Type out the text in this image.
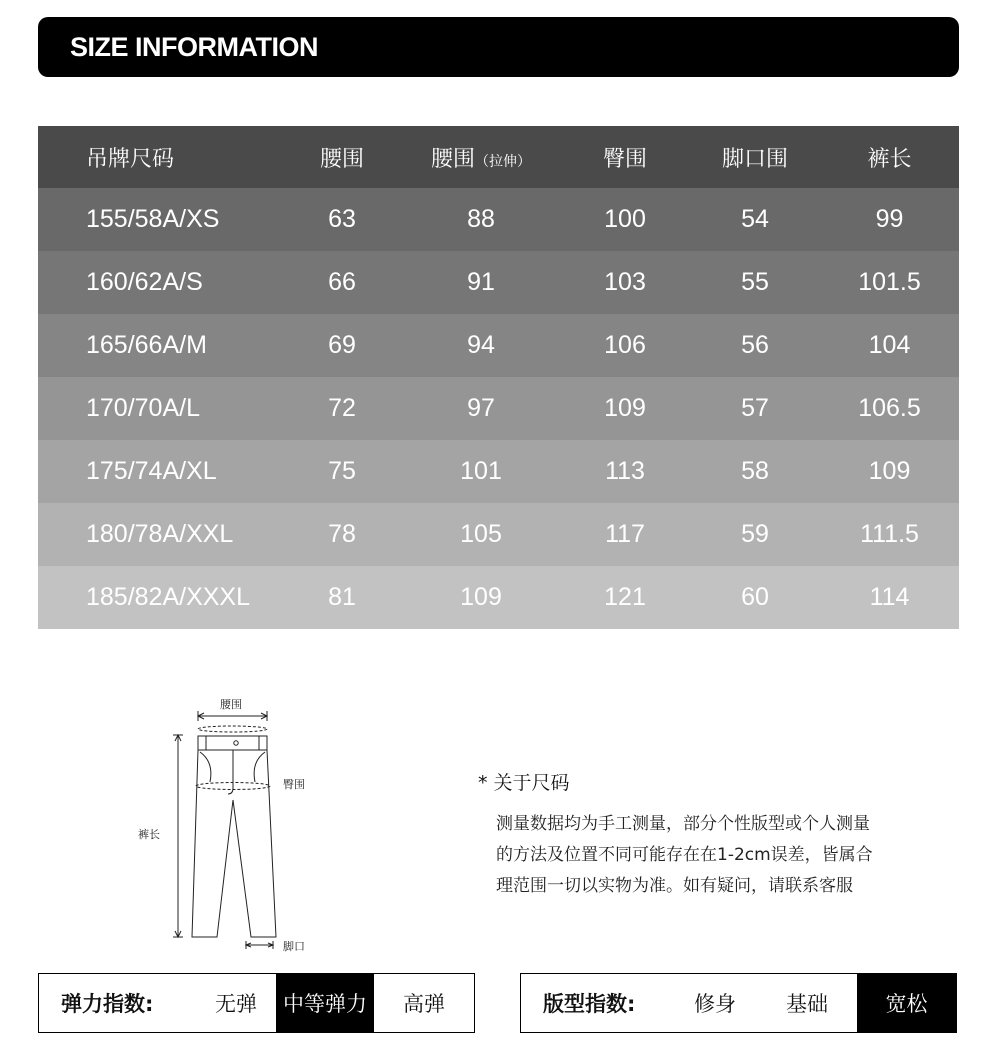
SIZE INFORMATION
吊牌尺码	腰围	腰围（拉伸）	臀围	脚口围	裤长
155/58A/XS	63	88	100	54	99
160/62A/S	66	91	103	55	101.5
165/66A/M	69	94	106	56	104
170/70A/L	72	97	109	57	106.5
175/74A/XL	75	101	113	58	109
180/78A/XXL	78	105	117	59	111.5
185/82A/XXXL	81	109	121	60	114
腰围
臀围
裤长
脚口
* 关于尺码
测量数据均为手工测量，部分个性版型或个人测量
的方法及位置不同可能存在在1-2cm误差，皆属合
理范围一切以实物为准。如有疑问，请联系客服
弹力指数:	无弹	中等弹力	高弹	版型指数:	修身	基础	宽松
